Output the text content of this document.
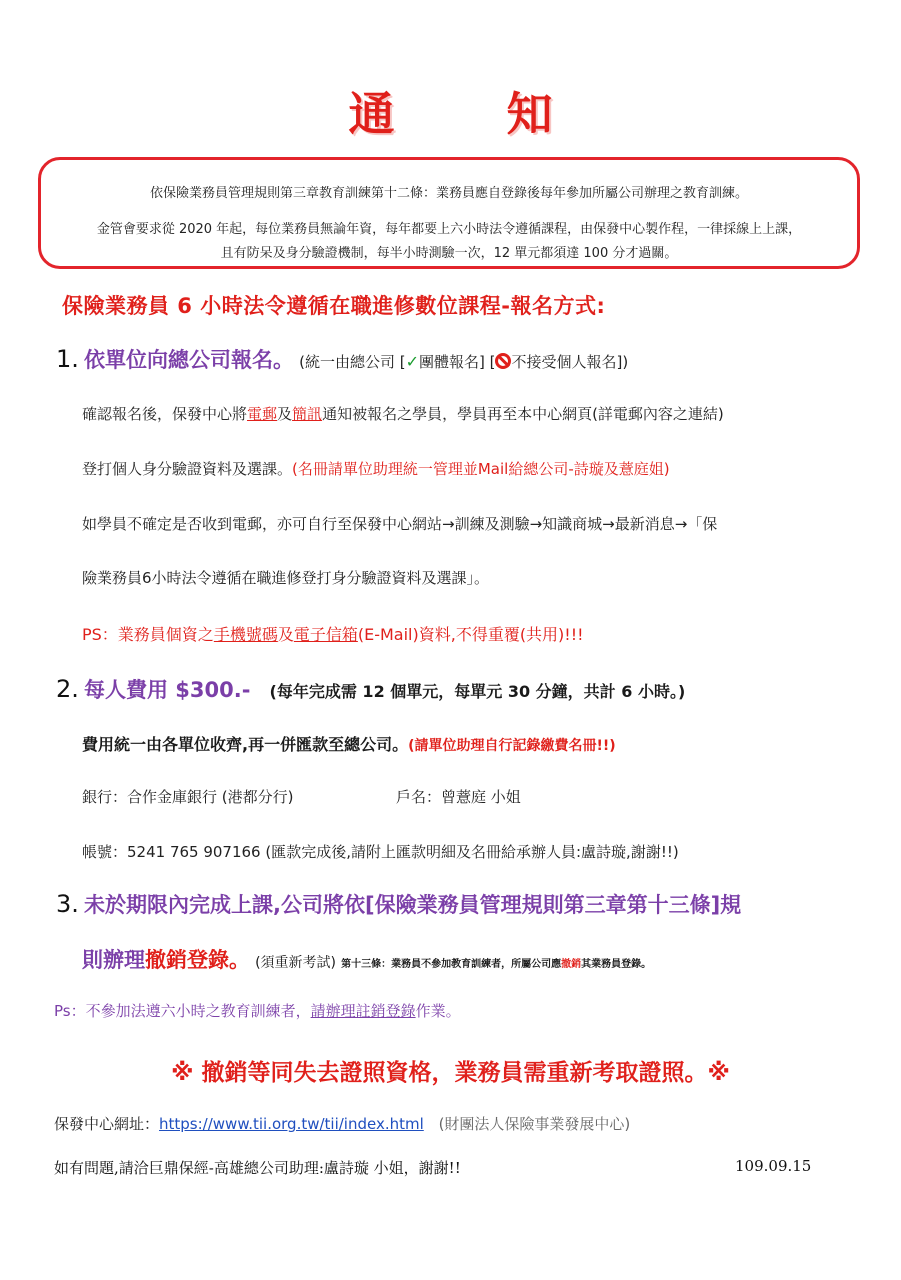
通 知
依保險業務員管理規則第三章教育訓練第十二條：業務員應自登錄後每年參加所屬公司辦理之教育訓練。
金管會要求從 2020 年起，每位業務員無論年資，每年都要上六小時法令遵循課程，由保發中心製作程，一律採線上上課，
且有防呆及身分驗證機制，每半小時測驗一次，12 單元都須達 100 分才過關。
保險業務員 6 小時法令遵循在職進修數位課程-報名方式:
1. 依單位向總公司報名。 (統一由總公司 [✓團體報名] [ 不接受個人報名])
確認報名後，保發中心將電郵及簡訊通知被報名之學員，學員再至本中心網頁(詳電郵內容之連結)
登打個人身分驗證資料及選課。(名冊請單位助理統一管理並Mail給總公司-詩璇及薏庭姐)
如學員不確定是否收到電郵，亦可自行至保發中心網站→訓練及測驗→知識商城→最新消息→「保
險業務員6小時法令遵循在職進修登打身分驗證資料及選課」。
PS：業務員個資之手機號碼及電子信箱(E-Mail)資料,不得重覆(共用)!!!
2. 每人費用 $300.- (每年完成需 12 個單元，每單元 30 分鐘，共計 6 小時。)
費用統一由各單位收齊,再一併匯款至總公司。(請單位助理自行記錄繳費名冊!!)
銀行：合作金庫銀行 (港都分行)	戶名：曾薏庭 小姐
帳號：5241 765 907166 (匯款完成後,請附上匯款明細及名冊給承辦人員:盧詩璇,謝謝!!)
3. 未於期限內完成上課,公司將依[保險業務員管理規則第三章第十三條]規
則辦理撤銷登錄。 (須重新考試) 第十三條：業務員不參加教育訓練者，所屬公司應撤銷其業務員登錄。
Ps：不參加法遵六小時之教育訓練者，請辦理註銷登錄作業。
※ 撤銷等同失去證照資格，業務員需重新考取證照。※
保發中心網址：https://www.tii.org.tw/tii/index.html (財團法人保險事業發展中心)
如有問題,請洽巨鼎保經-高雄總公司助理:盧詩璇 小姐，謝謝!!	109.09.15
